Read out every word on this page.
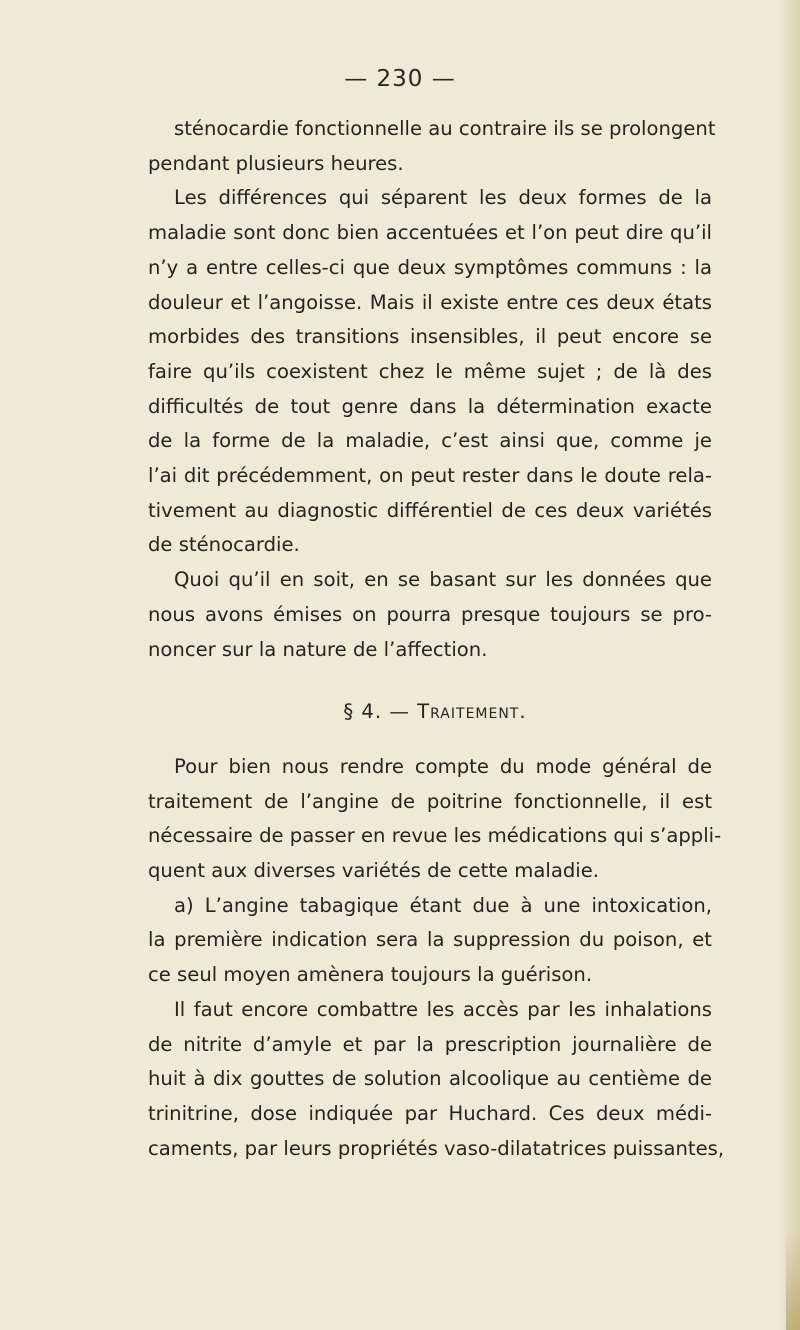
— 230 —
sténocardie fonctionnelle au contraire ils se prolongent
pendant plusieurs heures.
Les différences qui séparent les deux formes de la
maladie sont donc bien accentuées et l’on peut dire qu’il
n’y a entre celles-ci que deux symptômes communs : la
douleur et l’angoisse. Mais il existe entre ces deux états
morbides des transitions insensibles, il peut encore se
faire qu’ils coexistent chez le même sujet ; de là des
difficultés de tout genre dans la détermination exacte
de la forme de la maladie, c’est ainsi que, comme je
l’ai dit précédemment, on peut rester dans le doute rela-
tivement au diagnostic différentiel de ces deux variétés
de sténocardie.
Quoi qu’il en soit, en se basant sur les données que
nous avons émises on pourra presque toujours se pro-
noncer sur la nature de l’affection.
§ 4. — Traitement.
Pour bien nous rendre compte du mode général de
traitement de l’angine de poitrine fonctionnelle, il est
nécessaire de passer en revue les médications qui s’appli-
quent aux diverses variétés de cette maladie.
a) L’angine tabagique étant due à une intoxication,
la première indication sera la suppression du poison, et
ce seul moyen amènera toujours la guérison.
Il faut encore combattre les accès par les inhalations
de nitrite d’amyle et par la prescription journalière de
huit à dix gouttes de solution alcoolique au centième de
trinitrine, dose indiquée par Huchard. Ces deux médi-
caments, par leurs propriétés vaso-dilatatrices puissantes,
